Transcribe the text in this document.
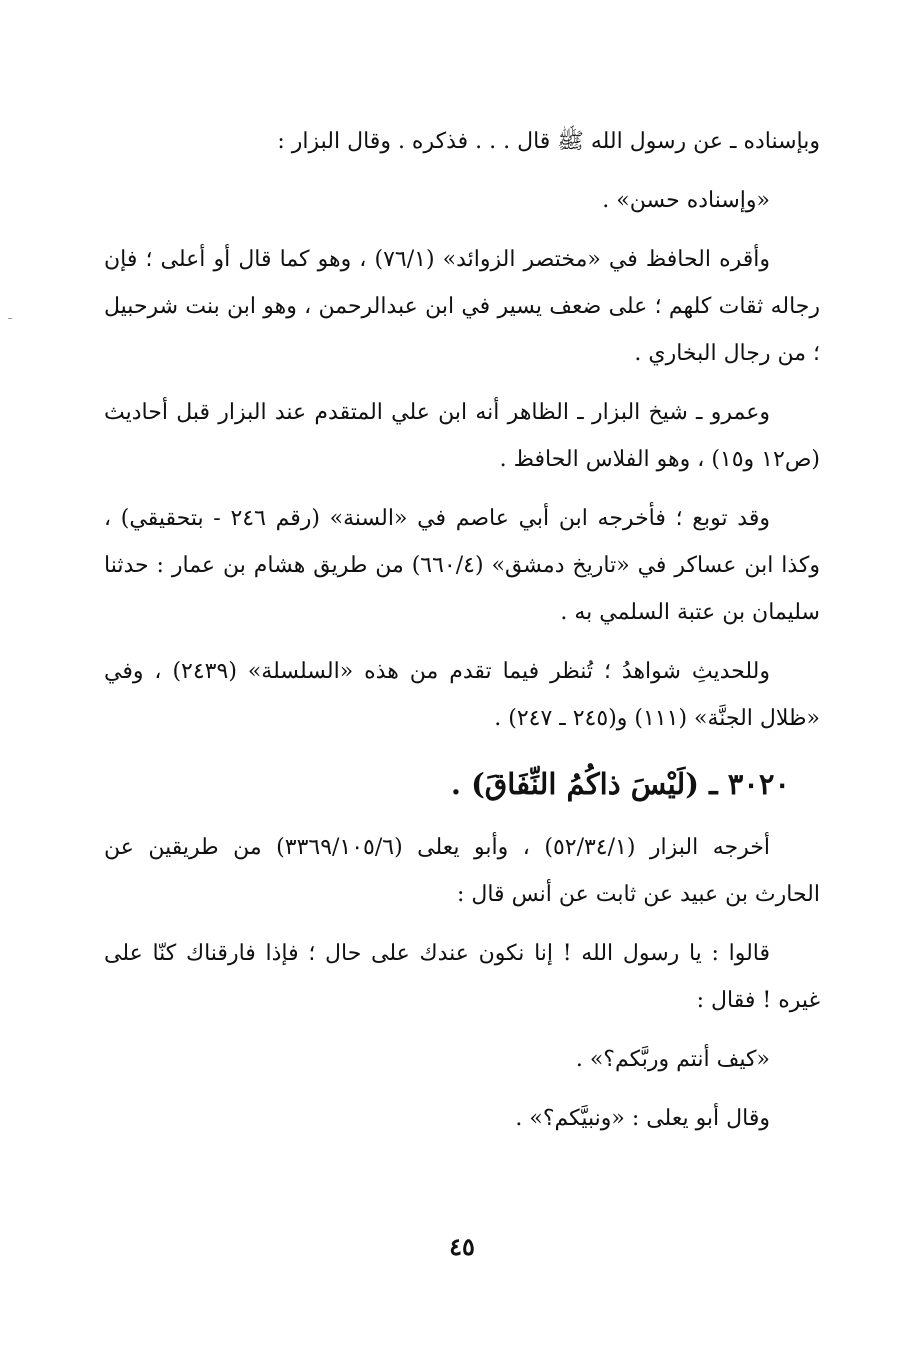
وبإسناده ـ عن رسول الله ﷺ قال . . . فذكره . وقال البزار :

«وإسناده حسن» .

وأقره الحافظ في «مختصر الزوائد» (٧٦/١) ، وهو كما قال أو أعلى ؛ فإن رجاله ثقات كلهم ؛ على ضعف يسير في ابن عبدالرحمن ، وهو ابن بنت شرحبيل ؛ من رجال البخاري .

وعمرو ـ شيخ البزار ـ الظاهر أنه ابن علي المتقدم عند البزار قبل أحاديث (ص١٢ و١٥) ، وهو الفلاس الحافظ .

وقد توبع ؛ فأخرجه ابن أبي عاصم في «السنة» (رقم ٢٤٦ - بتحقيقي) ، وكذا ابن عساكر في «تاريخ دمشق» (٦٦٠/٤) من طريق هشام بن عمار : حدثنا سليمان بن عتبة السلمي به .

وللحديثِ شواهدُ ؛ تُنظر فيما تقدم من هذه «السلسلة» (٢٤٣٩) ، وفي «ظلال الجنَّة» (١١١) و(٢٤٥ ـ ٢٤٧) .

٣٠٢٠ ـ (لَيْسَ ذاكُمُ النِّفَاقَ) .

أخرجه البزار (٥٢/٣٤/١) ، وأبو يعلى (٣٣٦٩/١٠٥/٦) من طريقين عن الحارث بن عبيد عن ثابت عن أنس قال :

قالوا : يا رسول الله ! إنا نكون عندك على حال ؛ فإذا فارقناك كنّا على غيره ! فقال :

«كيف أنتم وربَّكم؟» .

وقال أبو يعلى : «ونبيَّكم؟» .

٤٥
